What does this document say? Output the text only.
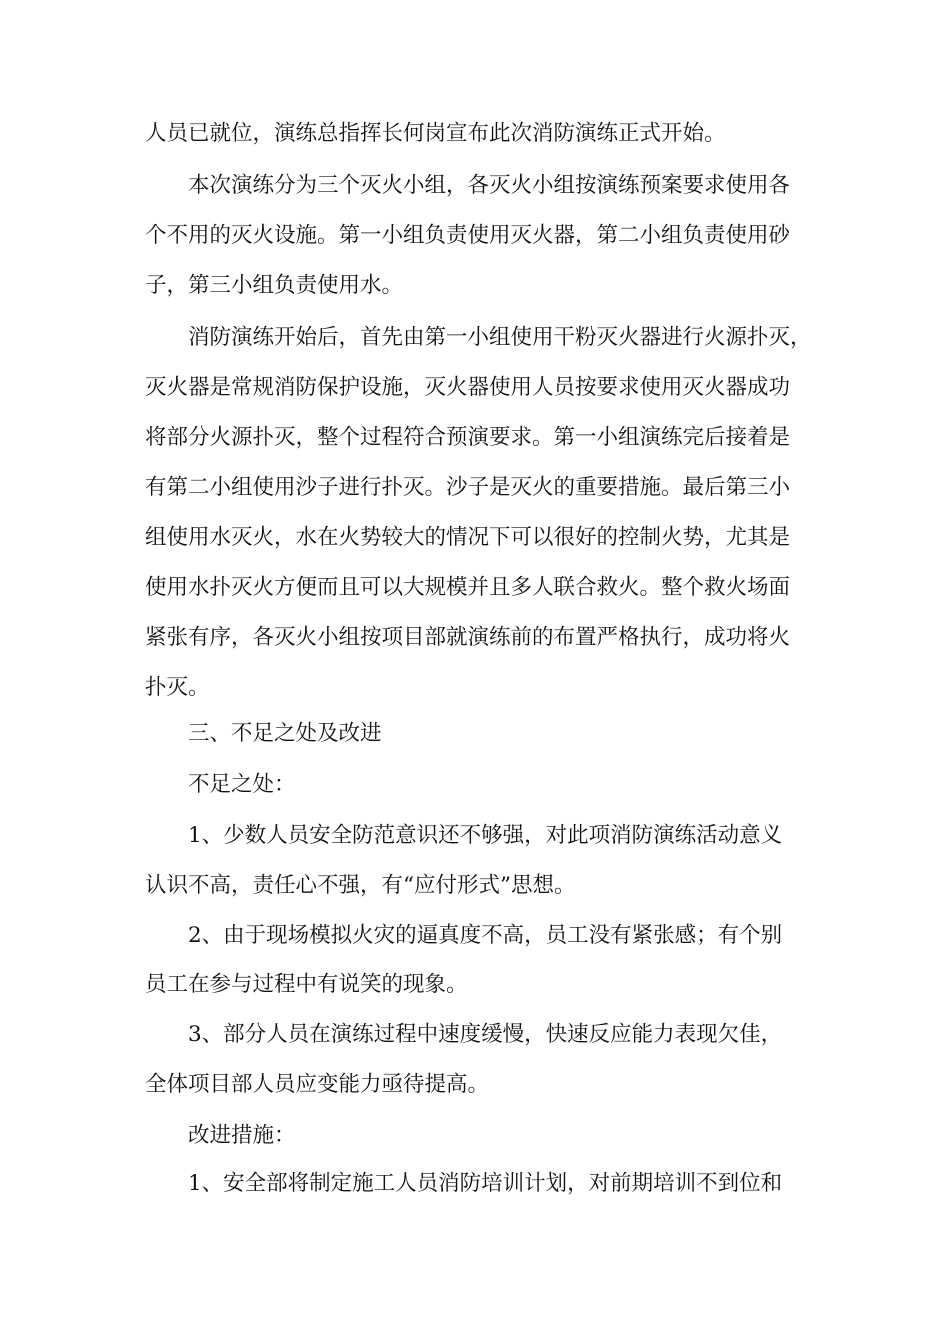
人员已就位，演练总指挥长何岗宣布此次消防演练正式开始。
本次演练分为三个灭火小组，各灭火小组按演练预案要求使用各
个不用的灭火设施。第一小组负责使用灭火器，第二小组负责使用砂
子，第三小组负责使用水。
消防演练开始后，首先由第一小组使用干粉灭火器进行火源扑灭，
灭火器是常规消防保护设施，灭火器使用人员按要求使用灭火器成功
将部分火源扑灭，整个过程符合预演要求。第一小组演练完后接着是
有第二小组使用沙子进行扑灭。沙子是灭火的重要措施。最后第三小
组使用水灭火，水在火势较大的情况下可以很好的控制火势，尤其是
使用水扑灭火方便而且可以大规模并且多人联合救火。整个救火场面
紧张有序，各灭火小组按项目部就演练前的布置严格执行，成功将火
扑灭。
三、不足之处及改进
不足之处：
1、少数人员安全防范意识还不够强，对此项消防演练活动意义
认识不高，责任心不强，有“应付形式”思想。
2、由于现场模拟火灾的逼真度不高，员工没有紧张感；有个别
员工在参与过程中有说笑的现象。
3、部分人员在演练过程中速度缓慢，快速反应能力表现欠佳，
全体项目部人员应变能力亟待提高。
改进措施：
1、安全部将制定施工人员消防培训计划，对前期培训不到位和
